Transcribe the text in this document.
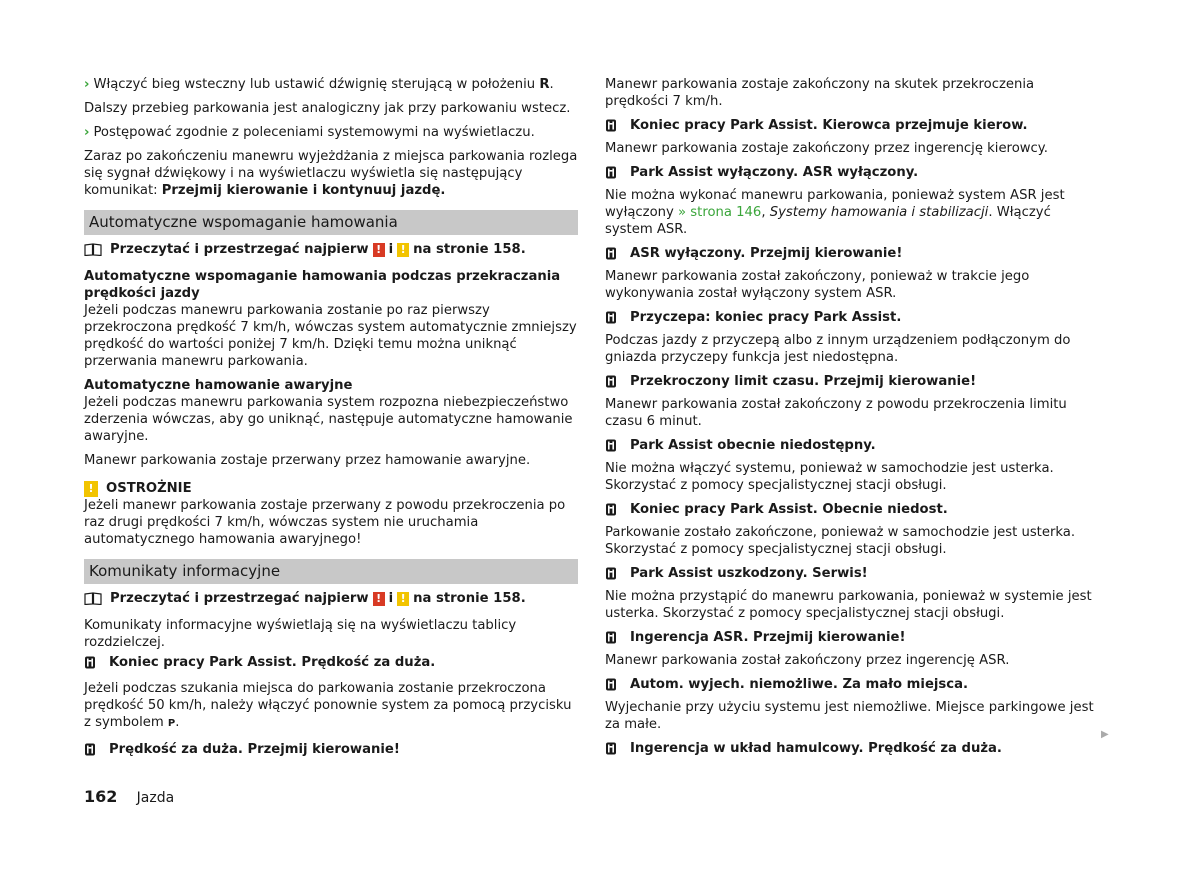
› Włączyć bieg wsteczny lub ustawić dźwignię sterującą w położeniu R.

Dalszy przebieg parkowania jest analogiczny jak przy parkowaniu wstecz.

› Postępować zgodnie z poleceniami systemowymi na wyświetlaczu.

Zaraz po zakończeniu manewru wyjeżdżania z miejsca parkowania rozlega się sygnał dźwiękowy i na wyświetlaczu wyświetla się następujący komunikat: Przejmij kierowanie i kontynuuj jazdę.

Automatyczne wspomaganie hamowania
Przeczytać i przestrzegać najpierw ! i ! na stronie 158.

Automatyczne wspomaganie hamowania podczas przekraczania prędkości jazdy

Jeżeli podczas manewru parkowania zostanie po raz pierwszy przekroczona prędkość 7 km/h, wówczas system automatycznie zmniejszy prędkość do wartości poniżej 7 km/h. Dzięki temu można uniknąć przerwania manewru parkowania.

Automatyczne hamowanie awaryjne

Jeżeli podczas manewru parkowania system rozpozna niebezpieczeństwo zderzenia wówczas, aby go uniknąć, następuje automatyczne hamowanie awaryjne.

Manewr parkowania zostaje przerwany przez hamowanie awaryjne.

! OSTROŻNIE

Jeżeli manewr parkowania zostaje przerwany z powodu przekroczenia po raz drugi prędkości 7 km/h, wówczas system nie uruchamia automatycznego hamowania awaryjnego!

Komunikaty informacyjne
Przeczytać i przestrzegać najpierw ! i ! na stronie 158.

Komunikaty informacyjne wyświetlają się na wyświetlaczu tablicy rozdzielczej.

Koniec pracy Park Assist. Prędkość za duża.

Jeżeli podczas szukania miejsca do parkowania zostanie przekroczona prędkość 50 km/h, należy włączyć ponownie system za pomocą przycisku z symbolem P.

Prędkość za duża. Przejmij kierowanie!

Manewr parkowania zostaje zakończony na skutek przekroczenia prędkości 7 km/h.

Koniec pracy Park Assist. Kierowca przejmuje kierow.

Manewr parkowania zostaje zakończony przez ingerencję kierowcy.

Park Assist wyłączony. ASR wyłączony.

Nie można wykonać manewru parkowania, ponieważ system ASR jest wyłączony » strona 146, Systemy hamowania i stabilizacji. Włączyć system ASR.

ASR wyłączony. Przejmij kierowanie!

Manewr parkowania został zakończony, ponieważ w trakcie jego wykonywania został wyłączony system ASR.

Przyczepa: koniec pracy Park Assist.

Podczas jazdy z przyczepą albo z innym urządzeniem podłączonym do gniazda przyczepy funkcja jest niedostępna.

Przekroczony limit czasu. Przejmij kierowanie!

Manewr parkowania został zakończony z powodu przekroczenia limitu czasu 6 minut.

Park Assist obecnie niedostępny.

Nie można włączyć systemu, ponieważ w samochodzie jest usterka. Skorzystać z pomocy specjalistycznej stacji obsługi.

Koniec pracy Park Assist. Obecnie niedost.

Parkowanie zostało zakończone, ponieważ w samochodzie jest usterka. Skorzystać z pomocy specjalistycznej stacji obsługi.

Park Assist uszkodzony. Serwis!

Nie można przystąpić do manewru parkowania, ponieważ w systemie jest usterka. Skorzystać z pomocy specjalistycznej stacji obsługi.

Ingerencja ASR. Przejmij kierowanie!

Manewr parkowania został zakończony przez ingerencję ASR.

Autom. wyjech. niemożliwe. Za mało miejsca.

Wyjechanie przy użyciu systemu jest niemożliwe. Miejsce parkingowe jest za małe.

Ingerencja w układ hamulcowy. Prędkość za duża.
▶
162 Jazda
